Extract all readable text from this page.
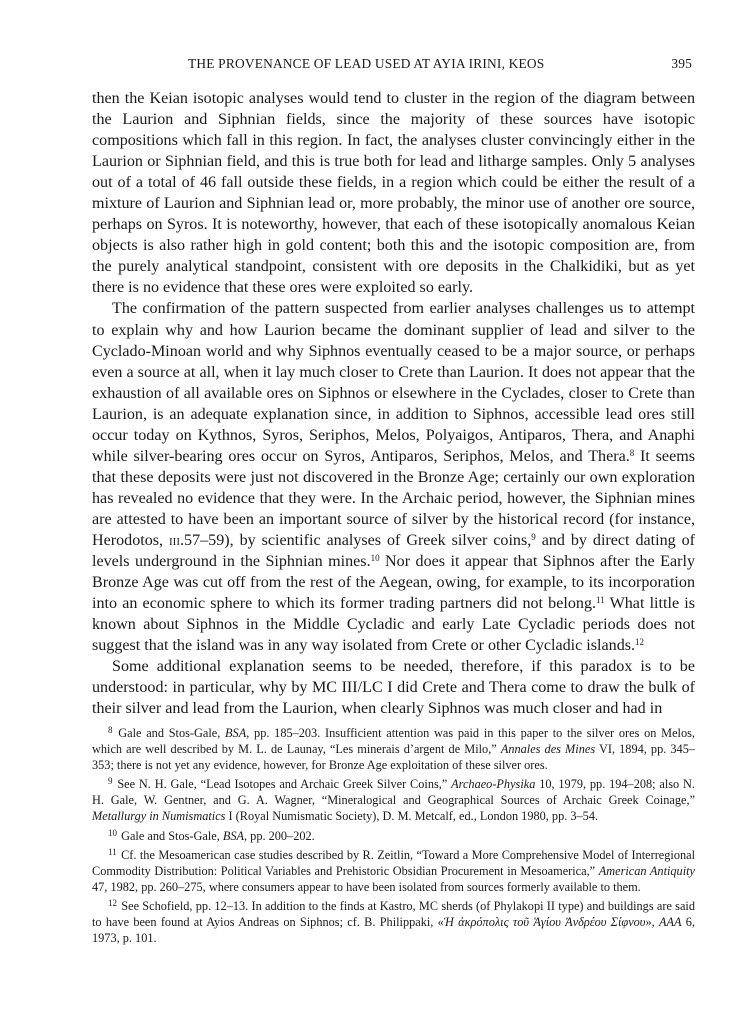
THE PROVENANCE OF LEAD USED AT AYIA IRINI, KEOS	395

then the Keian isotopic analyses would tend to cluster in the region of the diagram between the Laurion and Siphnian fields, since the majority of these sources have isotopic compositions which fall in this region. In fact, the analyses cluster convincingly either in the Laurion or Siphnian field, and this is true both for lead and litharge samples. Only 5 analyses out of a total of 46 fall outside these fields, in a region which could be either the result of a mixture of Laurion and Siphnian lead or, more probably, the minor use of another ore source, perhaps on Syros. It is noteworthy, however, that each of these isotopically anomalous Keian objects is also rather high in gold content; both this and the isotopic composition are, from the purely analytical standpoint, consistent with ore deposits in the Chalkidiki, but as yet there is no evidence that these ores were exploited so early.

The confirmation of the pattern suspected from earlier analyses challenges us to attempt to explain why and how Laurion became the dominant supplier of lead and silver to the Cyclado-Minoan world and why Siphnos eventually ceased to be a major source, or perhaps even a source at all, when it lay much closer to Crete than Laurion. It does not appear that the exhaustion of all available ores on Siphnos or elsewhere in the Cyclades, closer to Crete than Laurion, is an adequate explanation since, in addition to Siphnos, accessible lead ores still occur today on Kythnos, Syros, Seriphos, Melos, Polyaigos, Antiparos, Thera, and Anaphi while silver-bearing ores occur on Syros, Antiparos, Seriphos, Melos, and Thera.$^8$ It seems that these deposits were just not discovered in the Bronze Age; certainly our own exploration has revealed no evidence that they were. In the Archaic period, however, the Siphnian mines are attested to have been an important source of silver by the historical record (for instance, Herodotos, iii.57–59), by scientific analyses of Greek silver coins,$^9$ and by direct dating of levels underground in the Siphnian mines.$^{10}$ Nor does it appear that Siphnos after the Early Bronze Age was cut off from the rest of the Aegean, owing, for example, to its incorporation into an economic sphere to which its former trading partners did not belong.$^{11}$ What little is known about Siphnos in the Middle Cycladic and early Late Cycladic periods does not suggest that the island was in any way isolated from Crete or other Cycladic islands.$^{12}$

Some additional explanation seems to be needed, therefore, if this paradox is to be understood: in particular, why by MC III/LC I did Crete and Thera come to draw the bulk of their silver and lead from the Laurion, when clearly Siphnos was much closer and had in

$^8$ Gale and Stos-Gale, BSA, pp. 185–203. Insufficient attention was paid in this paper to the silver ores on Melos, which are well described by M. L. de Launay, “Les minerais d’argent de Milo,” Annales des Mines VI, 1894, pp. 345–353; there is not yet any evidence, however, for Bronze Age exploitation of these silver ores.

$^9$ See N. H. Gale, “Lead Isotopes and Archaic Greek Silver Coins,” Archaeo-Physika 10, 1979, pp. 194–208; also N. H. Gale, W. Gentner, and G. A. Wagner, “Mineralogical and Geographical Sources of Archaic Greek Coinage,” Metallurgy in Numismatics I (Royal Numismatic Society), D. M. Metcalf, ed., London 1980, pp. 3–54.

$^{10}$ Gale and Stos-Gale, BSA, pp. 200–202.

$^{11}$ Cf. the Mesoamerican case studies described by R. Zeitlin, “Toward a More Comprehensive Model of Interregional Commodity Distribution: Political Variables and Prehistoric Obsidian Procurement in Mesoamerica,” American Antiquity 47, 1982, pp. 260–275, where consumers appear to have been isolated from sources formerly available to them.

$^{12}$ See Schofield, pp. 12–13. In addition to the finds at Kastro, MC sherds (of Phylakopi II type) and buildings are said to have been found at Ayios Andreas on Siphnos; cf. B. Philippaki, «Ἡ ἀκρόπολις τοῦ Ἁγίου Ἀνδρέου Σίφνου», AAA 6, 1973, p. 101.
